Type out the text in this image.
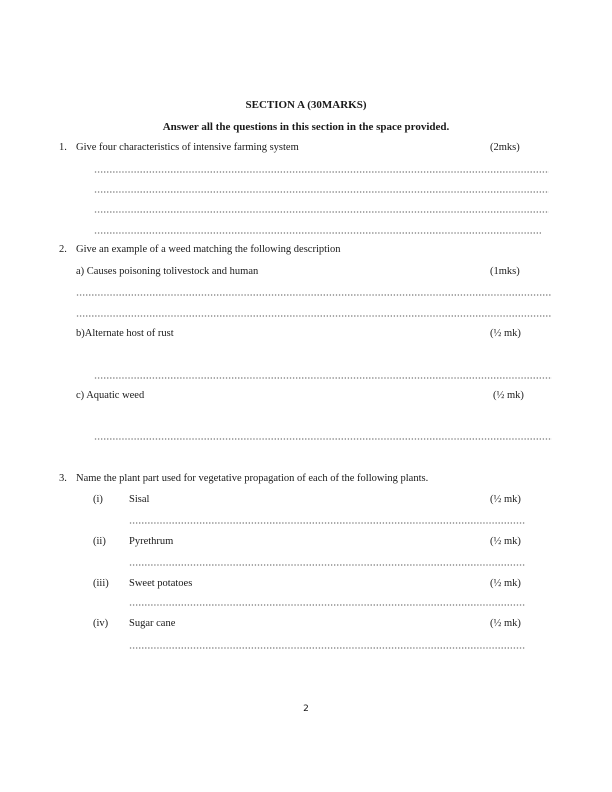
SECTION A (30MARKS)
Answer all the questions in this section in the space provided.
1. Give four characteristics of intensive farming system	(2mks)
2. Give an example of a weed matching the following description
a) Causes poisoning tolivestock and human	(1mks)
b)Alternate host of rust	(½ mk)
c) Aquatic weed	(½ mk)
3. Name the plant part used for vegetative propagation of each of the following plants.
(i) Sisal	(½ mk)
(ii) Pyrethrum	(½ mk)
(iii) Sweet potatoes	(½ mk)
(iv) Sugar cane	(½ mk)
2
